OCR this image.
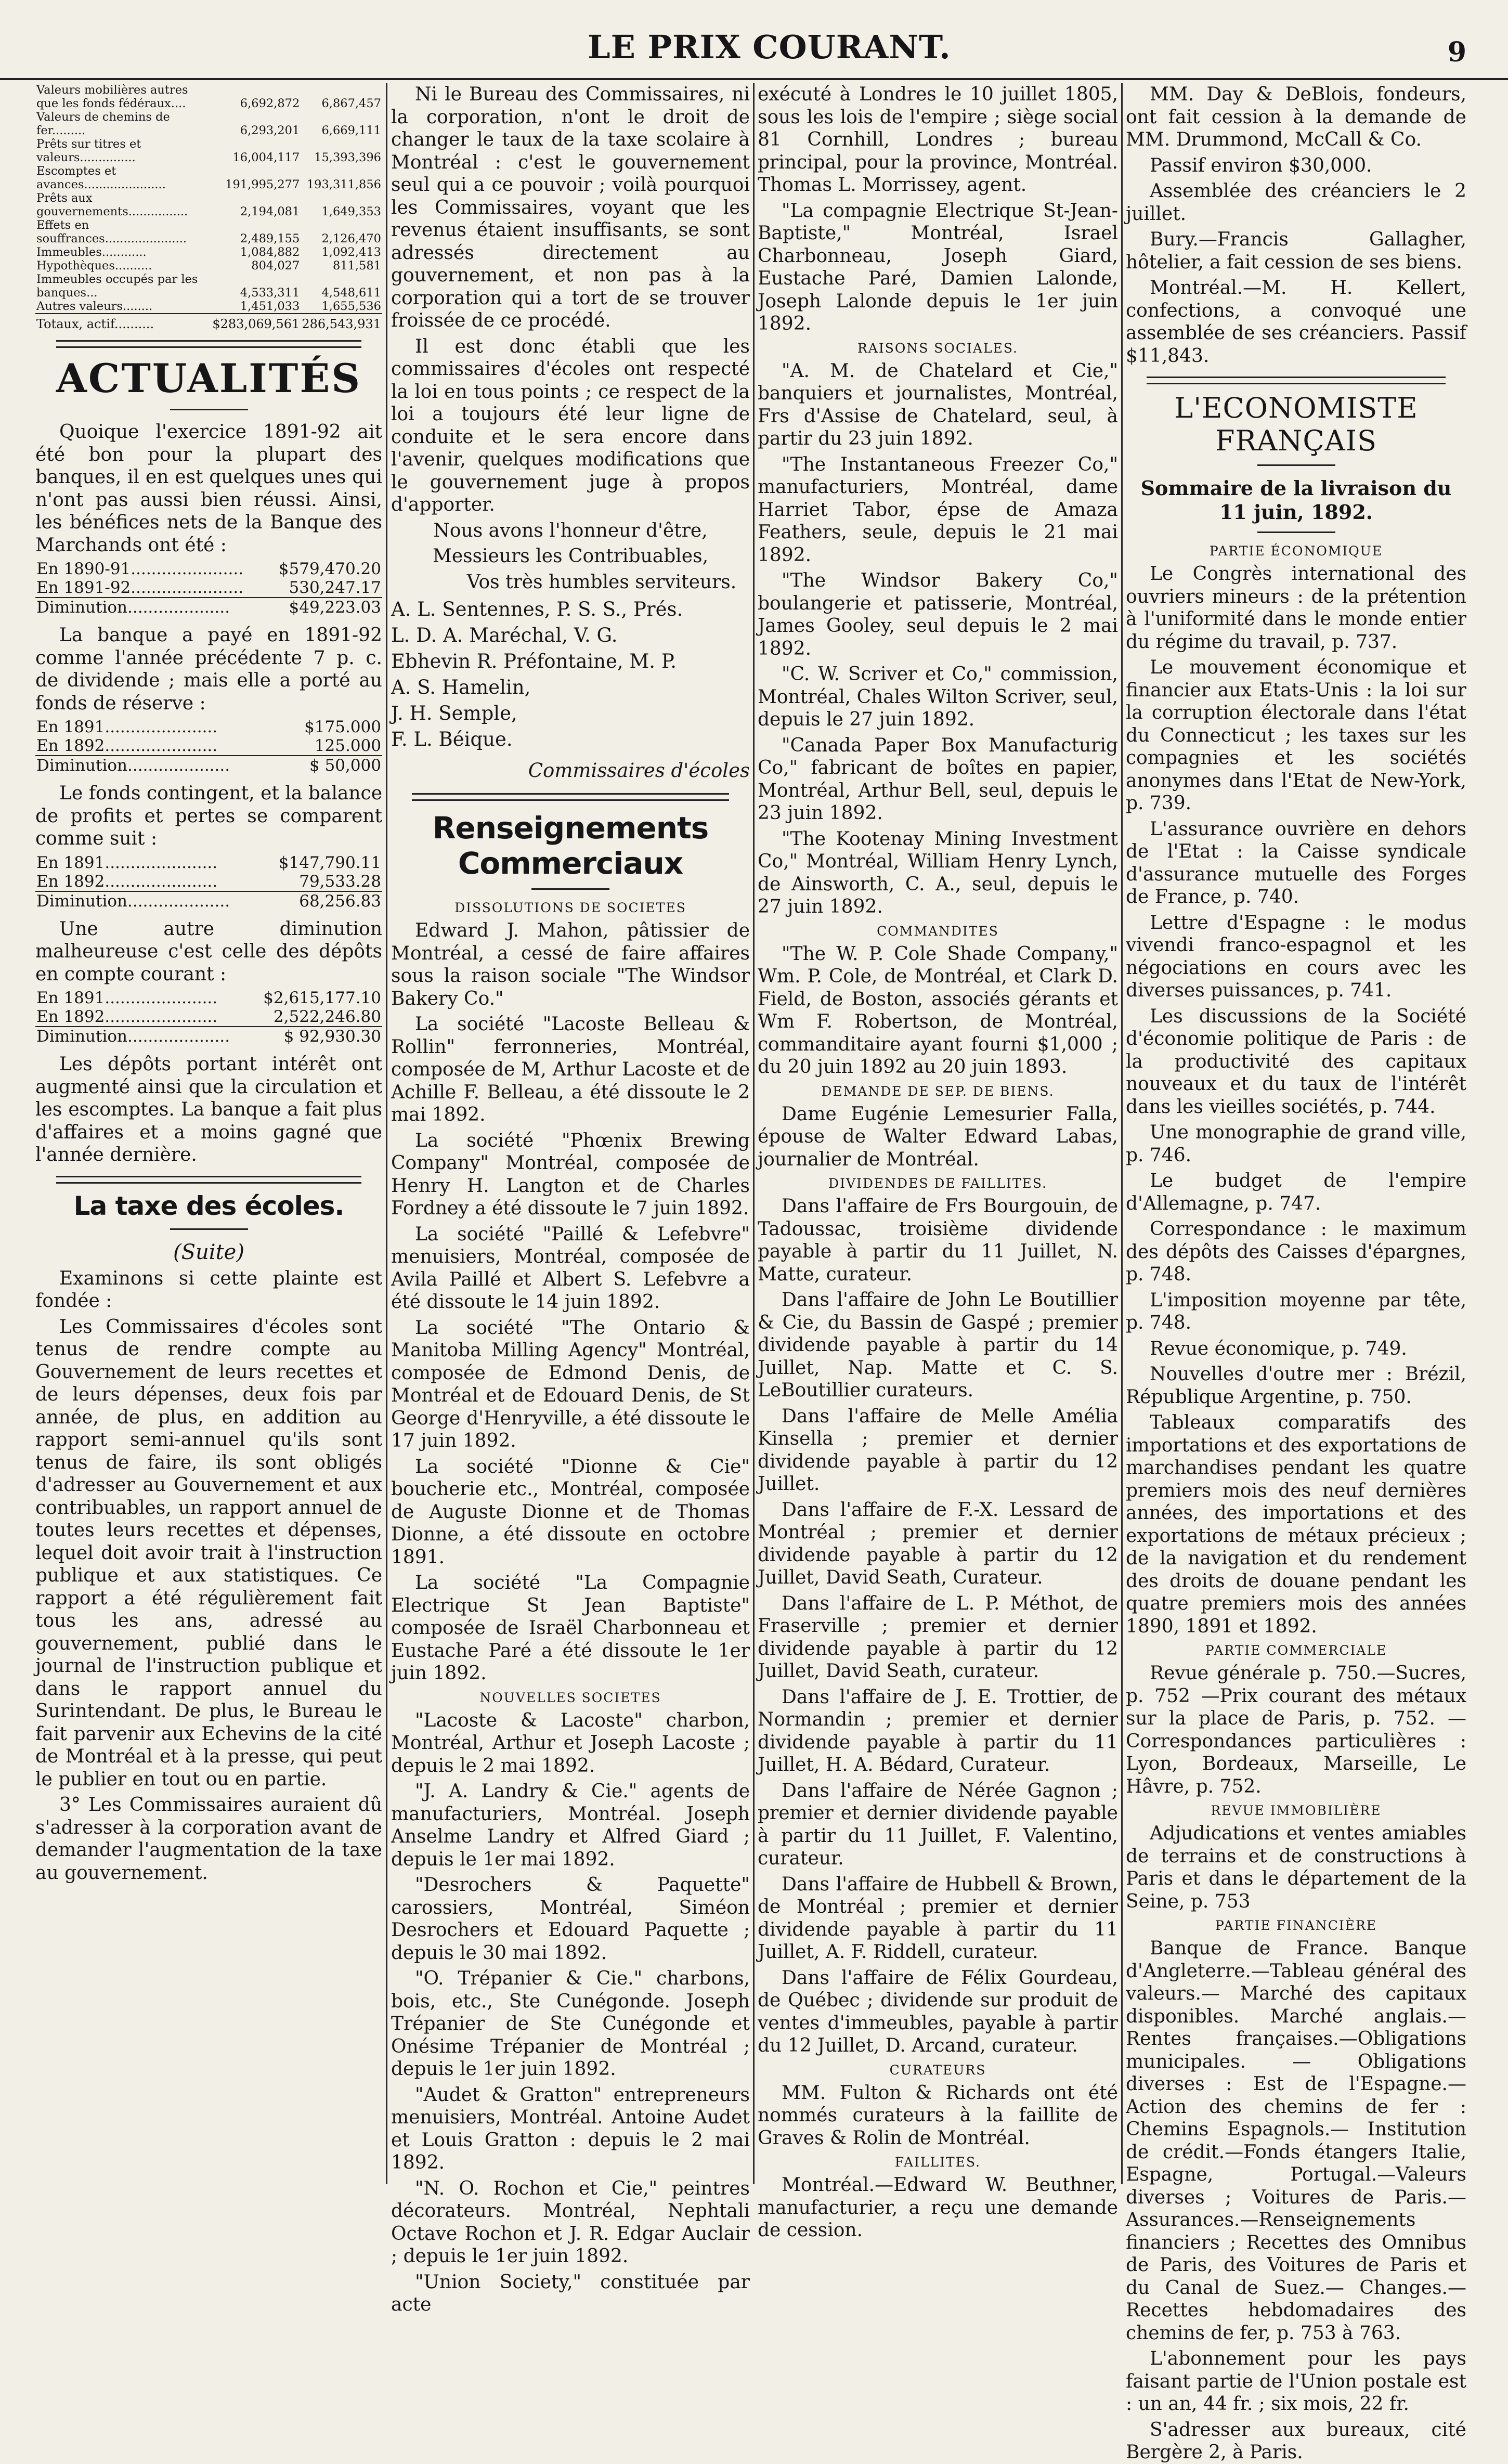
LE PRIX COURANT.	9
Valeurs mobilières autres que les fonds fédéraux....	6,692,872	6,867,457
Valeurs de chemins de fer.........	6,293,201	6,669,111
Prêts sur titres et valeurs...............	16,004,117	15,393,396
Escomptes et avances......................	191,995,277	193,311,856
Prêts aux gouvernements................	2,194,081	1,649,353
Effets en souffrances......................	2,489,155	2,126,470
Immeubles............	1,084,882	1,092,413
Hypothèques..........	804,027	811,581
Immeubles occupés par les banques...	4,533,311	4,548,611
Autres valeurs........	1,451,033	1,655,536
Totaux, actif..........	$283,069,561	286,543,931
ACTUALITÉS

Quoique l'exercice 1891-92 ait été bon pour la plupart des banques, il en est quelques unes qui n'ont pas aussi bien réussi. Ainsi, les bénéfices nets de la Banque des Marchands ont été :

En 1890-91......................	$579,470.20
En 1891-92......................	530,247.17
Diminution....................	$49,223.03

La banque a payé en 1891-92 comme l'année précédente 7 p. c. de dividende ; mais elle a porté au fonds de réserve :

En 1891......................	$175.000
En 1892......................	125.000
Diminution....................	$ 50,000

Le fonds contingent, et la balance de profits et pertes se comparent comme suit :

En 1891......................	$147,790.11
En 1892......................	79,533.28
Diminution....................	68,256.83

Une autre diminution malheureuse c'est celle des dépôts en compte courant :

En 1891......................	$2,615,177.10
En 1892......................	2,522,246.80
Diminution....................	$ 92,930.30

Les dépôts portant intérêt ont augmenté ainsi que la circulation et les escomptes. La banque a fait plus d'affaires et a moins gagné que l'année dernière.

La taxe des écoles.
(Suite)

Examinons si cette plainte est fondée :

Les Commissaires d'écoles sont tenus de rendre compte au Gouvernement de leurs recettes et de leurs dépenses, deux fois par année, de plus, en addition au rapport semi-annuel qu'ils sont tenus de faire, ils sont obligés d'adresser au Gouvernement et aux contribuables, un rapport annuel de toutes leurs recettes et dépenses, lequel doit avoir trait à l'instruction publique et aux statistiques. Ce rapport a été régulièrement fait tous les ans, adressé au gouvernement, publié dans le journal de l'instruction publique et dans le rapport annuel du Surintendant. De plus, le Bureau le fait parvenir aux Echevins de la cité de Montréal et à la presse, qui peut le publier en tout ou en partie.

3° Les Commissaires auraient dû s'adresser à la corporation avant de demander l'augmentation de la taxe au gouvernement.

Ni le Bureau des Commissaires, ni la corporation, n'ont le droit de changer le taux de la taxe scolaire à Montréal : c'est le gouvernement seul qui a ce pouvoir ; voilà pourquoi les Commissaires, voyant que les revenus étaient insuffisants, se sont adressés directement au gouvernement, et non pas à la corporation qui a tort de se trouver froissée de ce procédé.

Il est donc établi que les commissaires d'écoles ont respecté la loi en tous points ; ce respect de la loi a toujours été leur ligne de conduite et le sera encore dans l'avenir, quelques modifications que le gouvernement juge à propos d'apporter.

Nous avons l'honneur d'être,

Messieurs les Contribuables,

Vos très humbles serviteurs.

A. L. Sentennes, P. S. S., Prés.
L. D. A. Maréchal, V. G.
Ebhevin R. Préfontaine, M. P.
A. S. Hamelin,
J. H. Semple,
F. L. Béique.
Commissaires d'écoles
Renseignements Commerciaux
DISSOLUTIONS DE SOCIETES

Edward J. Mahon, pâtissier de Montréal, a cessé de faire affaires sous la raison sociale "The Windsor Bakery Co."

La société "Lacoste Belleau & Rollin" ferronneries, Montréal, composée de M, Arthur Lacoste et de Achille F. Belleau, a été dissoute le 2 mai 1892.

La société "Phœnix Brewing Company" Montréal, composée de Henry H. Langton et de Charles Fordney a été dissoute le 7 juin 1892.

La société "Paillé & Lefebvre" menuisiers, Montréal, composée de Avila Paillé et Albert S. Lefebvre a été dissoute le 14 juin 1892.

La société "The Ontario & Manitoba Milling Agency" Montréal, composée de Edmond Denis, de Montréal et de Edouard Denis, de St George d'Henryville, a été dissoute le 17 juin 1892.

La société "Dionne & Cie" boucherie etc., Montréal, composée de Auguste Dionne et de Thomas Dionne, a été dissoute en octobre 1891.

La société "La Compagnie Electrique St Jean Baptiste" composée de Israël Charbonneau et Eustache Paré a été dissoute le 1er juin 1892.

NOUVELLES SOCIETES

"Lacoste & Lacoste" charbon, Montréal, Arthur et Joseph Lacoste ; depuis le 2 mai 1892.

"J. A. Landry & Cie." agents de manufacturiers, Montréal. Joseph Anselme Landry et Alfred Giard ; depuis le 1er mai 1892.

"Desrochers & Paquette" carossiers, Montréal, Siméon Desrochers et Edouard Paquette ; depuis le 30 mai 1892.

"O. Trépanier & Cie." charbons, bois, etc., Ste Cunégonde. Joseph Trépanier de Ste Cunégonde et Onésime Trépanier de Montréal ; depuis le 1er juin 1892.

"Audet & Gratton" entrepreneurs menuisiers, Montréal. Antoine Audet et Louis Gratton : depuis le 2 mai 1892.

"N. O. Rochon et Cie," peintres décorateurs. Montréal, Nephtali Octave Rochon et J. R. Edgar Auclair ; depuis le 1er juin 1892.

"Union Society," constituée par acte

exécuté à Londres le 10 juillet 1805, sous les lois de l'empire ; siège social 81 Cornhill, Londres ; bureau principal, pour la province, Montréal. Thomas L. Morrissey, agent.

"La compagnie Electrique St-Jean-Baptiste," Montréal, Israel Charbonneau, Joseph Giard, Eustache Paré, Damien Lalonde, Joseph Lalonde depuis le 1er juin 1892.

RAISONS SOCIALES.

"A. M. de Chatelard et Cie," banquiers et journalistes, Montréal, Frs d'Assise de Chatelard, seul, à partir du 23 juin 1892.

"The Instantaneous Freezer Co," manufacturiers, Montréal, dame Harriet Tabor, épse de Amaza Feathers, seule, depuis le 21 mai 1892.

"The Windsor Bakery Co," boulangerie et patisserie, Montréal, James Gooley, seul depuis le 2 mai 1892.

"C. W. Scriver et Co," commission, Montréal, Chales Wilton Scriver, seul, depuis le 27 juin 1892.

"Canada Paper Box Manufacturig Co," fabricant de boîtes en papier, Montréal, Arthur Bell, seul, depuis le 23 juin 1892.

"The Kootenay Mining Investment Co," Montréal, William Henry Lynch, de Ainsworth, C. A., seul, depuis le 27 juin 1892.

COMMANDITES

"The W. P. Cole Shade Company," Wm. P. Cole, de Montréal, et Clark D. Field, de Boston, associés gérants et Wm F. Robertson, de Montréal, commanditaire ayant fourni $1,000 ; du 20 juin 1892 au 20 juin 1893.

DEMANDE DE SEP. DE BIENS.

Dame Eugénie Lemesurier Falla, épouse de Walter Edward Labas, journalier de Montréal.

DIVIDENDES DE FAILLITES.

Dans l'affaire de Frs Bourgouin, de Tadoussac, troisième dividende payable à partir du 11 Juillet, N. Matte, curateur.

Dans l'affaire de John Le Boutillier & Cie, du Bassin de Gaspé ; premier dividende payable à partir du 14 Juillet, Nap. Matte et C. S. LeBoutillier curateurs.

Dans l'affaire de Melle Amélia Kinsella ; premier et dernier dividende payable à partir du 12 Juillet.

Dans l'affaire de F.-X. Lessard de Montréal ; premier et dernier dividende payable à partir du 12 Juillet, David Seath, Curateur.

Dans l'affaire de L. P. Méthot, de Fraserville ; premier et dernier dividende payable à partir du 12 Juillet, David Seath, curateur.

Dans l'affaire de J. E. Trottier, de Normandin ; premier et dernier dividende payable à partir du 11 Juillet, H. A. Bédard, Curateur.

Dans l'affaire de Nérée Gagnon ; premier et dernier dividende payable à partir du 11 Juillet, F. Valentino, curateur.

Dans l'affaire de Hubbell & Brown, de Montréal ; premier et dernier dividende payable à partir du 11 Juillet, A. F. Riddell, curateur.

Dans l'affaire de Félix Gourdeau, de Québec ; dividende sur produit de ventes d'immeubles, payable à partir du 12 Juillet, D. Arcand, curateur.

CURATEURS

MM. Fulton & Richards ont été nommés curateurs à la faillite de Graves & Rolin de Montréal.

FAILLITES.

Montréal.—Edward W. Beuthner, manufacturier, a reçu une demande de cession.

MM. Day & DeBlois, fondeurs, ont fait cession à la demande de MM. Drummond, McCall & Co.

Passif environ $30,000.

Assemblée des créanciers le 2 juillet.

Bury.—Francis Gallagher, hôtelier, a fait cession de ses biens.

Montréal.—M. H. Kellert, confections, a convoqué une assemblée de ses créanciers. Passif $11,843.

L'ECONOMISTE FRANÇAIS
Sommaire de la livraison du 11 juin, 1892.
PARTIE ÉCONOMIQUE

Le Congrès international des ouvriers mineurs : de la prétention à l'uniformité dans le monde entier du régime du travail, p. 737.

Le mouvement économique et financier aux Etats-Unis : la loi sur la corruption électorale dans l'état du Connecticut ; les taxes sur les compagnies et les sociétés anonymes dans l'Etat de New-York, p. 739.

L'assurance ouvrière en dehors de l'Etat : la Caisse syndicale d'assurance mutuelle des Forges de France, p. 740.

Lettre d'Espagne : le modus vivendi franco-espagnol et les négociations en cours avec les diverses puissances, p. 741.

Les discussions de la Société d'économie politique de Paris : de la productivité des capitaux nouveaux et du taux de l'intérêt dans les vieilles sociétés, p. 744.

Une monographie de grand ville, p. 746.

Le budget de l'empire d'Allemagne, p. 747.

Correspondance : le maximum des dépôts des Caisses d'épargnes, p. 748.

L'imposition moyenne par tête, p. 748.

Revue économique, p. 749.

Nouvelles d'outre mer : Brézil, République Argentine, p. 750.

Tableaux comparatifs des importations et des exportations de marchandises pendant les quatre premiers mois des neuf dernières années, des importations et des exportations de métaux précieux ; de la navigation et du rendement des droits de douane pendant les quatre premiers mois des années 1890, 1891 et 1892.

PARTIE COMMERCIALE

Revue générale p. 750.—Sucres, p. 752 —Prix courant des métaux sur la place de Paris, p. 752. —Correspondances particulières : Lyon, Bordeaux, Marseille, Le Hâvre, p. 752.

REVUE IMMOBILIÈRE

Adjudications et ventes amiables de terrains et de constructions à Paris et dans le département de la Seine, p. 753

PARTIE FINANCIÈRE

Banque de France. Banque d'Angleterre.—Tableau général des valeurs.— Marché des capitaux disponibles. Marché anglais.—Rentes françaises.—Obligations municipales. — Obligations diverses : Est de l'Espagne.—Action des chemins de fer : Chemins Espagnols.— Institution de crédit.—Fonds étangers Italie, Espagne, Portugal.—Valeurs diverses ; Voitures de Paris.—Assurances.—Renseignements financiers ; Recettes des Omnibus de Paris, des Voitures de Paris et du Canal de Suez.— Changes.—Recettes hebdomadaires des chemins de fer, p. 753 à 763.

L'abonnement pour les pays faisant partie de l'Union postale est : un an, 44 fr. ; six mois, 22 fr.

S'adresser aux bureaux, cité Bergère 2, à Paris.
